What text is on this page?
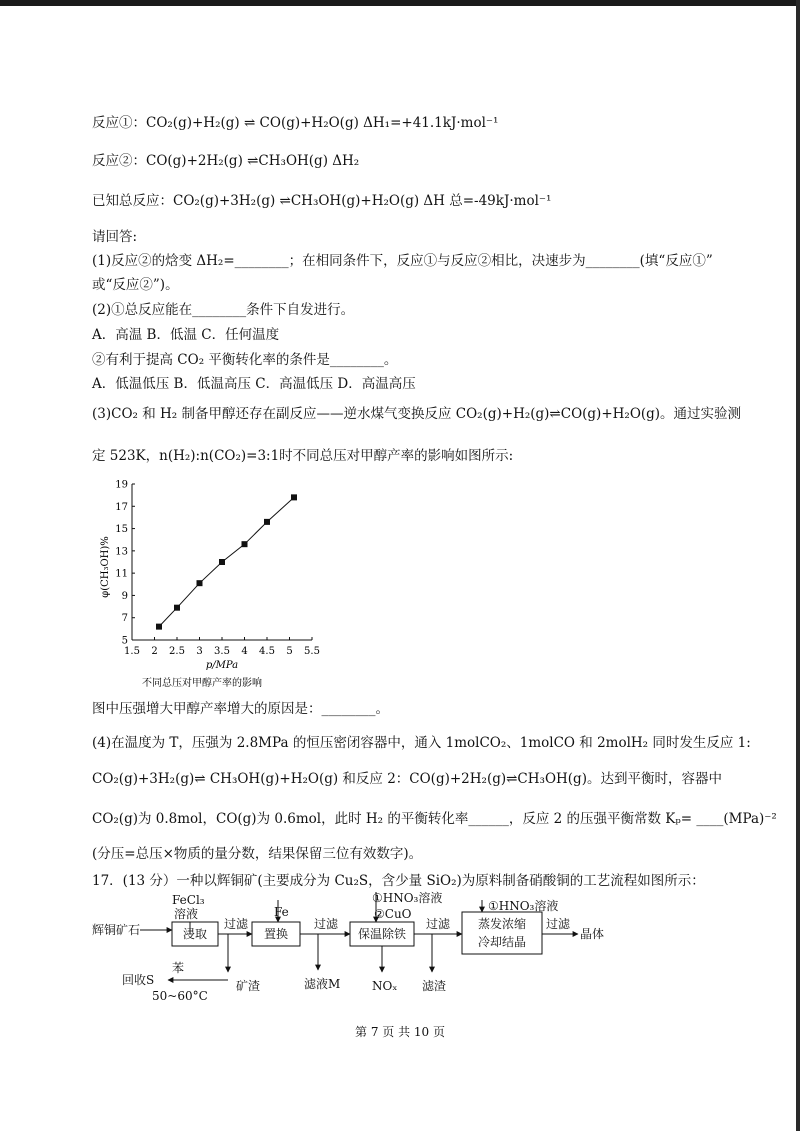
反应①：CO₂(g)+H₂(g) ⇌ CO(g)+H₂O(g) ΔH₁=+41.1kJ·mol⁻¹
反应②：CO(g)+2H₂(g) ⇌CH₃OH(g) ΔH₂
已知总反应：CO₂(g)+3H₂(g) ⇌CH₃OH(g)+H₂O(g) ΔH 总=-49kJ·mol⁻¹
请回答:
(1)反应②的焓变 ΔH₂=________；在相同条件下，反应①与反应②相比，决速步为________(填“反应①”
或“反应②”)。
(2)①总反应能在________条件下自发进行。
A．高温 B．低温 C．任何温度
②有利于提高 CO₂ 平衡转化率的条件是________。
A．低温低压 B．低温高压 C．高温低压 D．高温高压
(3)CO₂ 和 H₂ 制备甲醇还存在副反应——逆水煤气变换反应 CO₂(g)+H₂(g)⇌CO(g)+H₂O(g)。通过实验测
定 523K，n(H₂):n(CO₂)=3:1时不同总压对甲醇产率的影响如图所示:
1.5 2 2.5 3 3.5 4 4.5 5 5.5
5
7
9
11
13
15
17
19
φ(CH₃OH)%
p/MPa
不同总压对甲醇产率的影响
图中压强增大甲醇产率增大的原因是：________。
(4)在温度为 T，压强为 2.8MPa 的恒压密闭容器中，通入 1molCO₂、1molCO 和 2molH₂ 同时发生反应 1:
CO₂(g)+3H₂(g)⇌ CH₃OH(g)+H₂O(g) 和反应 2：CO(g)+2H₂(g)⇌CH₃OH(g)。达到平衡时，容器中
CO₂(g)为 0.8mol，CO(g)为 0.6mol，此时 H₂ 的平衡转化率______，反应 2 的压强平衡常数 Kₚ= ____(MPa)⁻²
(分压=总压×物质的量分数，结果保留三位有效数字)。
17．(13 分）一种以辉铜矿(主要成分为 Cu₂S，含少量 SiO₂)为原料制备硝酸铜的工艺流程如图所示：
辉铜矿石
FeCl₃
溶液
浸取
过滤
矿渣
苯
回收S
50~60°C
Fe
置换
过滤
滤液M
①HNO₃溶液
②CuO
保温除铁
NOₓ
过滤
滤渣
①HNO₃溶液
蒸发浓缩
冷却结晶
过滤
晶体
第 7 页 共 10 页
